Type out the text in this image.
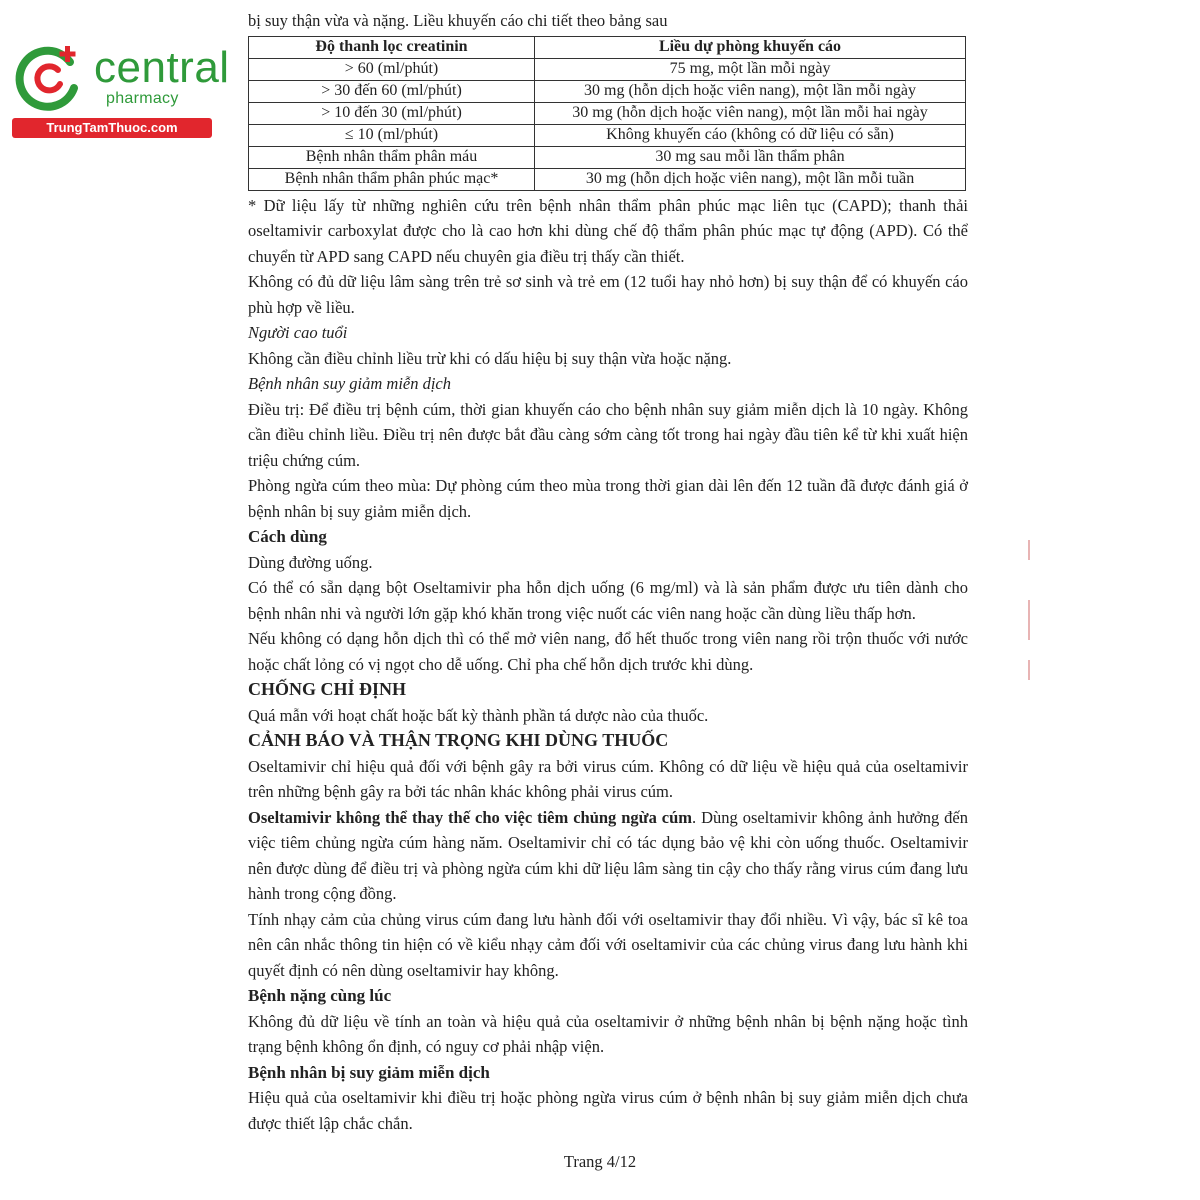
central
pharmacy
TrungTamThuoc.com

bị suy thận vừa và nặng. Liều khuyến cáo chi tiết theo bảng sau

Độ thanh lọc creatinin	Liều dự phòng khuyến cáo
> 60 (ml/phút)	75 mg, một lần mỗi ngày
> 30 đến 60 (ml/phút)	30 mg (hỗn dịch hoặc viên nang), một lần mỗi ngày
> 10 đến 30 (ml/phút)	30 mg (hỗn dịch hoặc viên nang), một lần mỗi hai ngày
≤ 10 (ml/phút)	Không khuyến cáo (không có dữ liệu có sẵn)
Bệnh nhân thẩm phân máu	30 mg sau mỗi lần thẩm phân
Bệnh nhân thẩm phân phúc mạc*	30 mg (hỗn dịch hoặc viên nang), một lần mỗi tuần

* Dữ liệu lấy từ những nghiên cứu trên bệnh nhân thẩm phân phúc mạc liên tục (CAPD); thanh thải oseltamivir carboxylat được cho là cao hơn khi dùng chế độ thẩm phân phúc mạc tự động (APD). Có thể chuyển từ APD sang CAPD nếu chuyên gia điều trị thấy cần thiết.

Không có đủ dữ liệu lâm sàng trên trẻ sơ sinh và trẻ em (12 tuổi hay nhỏ hơn) bị suy thận để có khuyến cáo phù hợp về liều.

Người cao tuổi

Không cần điều chỉnh liều trừ khi có dấu hiệu bị suy thận vừa hoặc nặng.

Bệnh nhân suy giảm miễn dịch

Điều trị: Để điều trị bệnh cúm, thời gian khuyến cáo cho bệnh nhân suy giảm miễn dịch là 10 ngày. Không cần điều chỉnh liều. Điều trị nên được bắt đầu càng sớm càng tốt trong hai ngày đầu tiên kể từ khi xuất hiện triệu chứng cúm.

Phòng ngừa cúm theo mùa: Dự phòng cúm theo mùa trong thời gian dài lên đến 12 tuần đã được đánh giá ở bệnh nhân bị suy giảm miễn dịch.

Cách dùng

Dùng đường uống.

Có thể có sẵn dạng bột Oseltamivir pha hỗn dịch uống (6 mg/ml) và là sản phẩm được ưu tiên dành cho bệnh nhân nhi và người lớn gặp khó khăn trong việc nuốt các viên nang hoặc cần dùng liều thấp hơn.

Nếu không có dạng hỗn dịch thì có thể mở viên nang, đổ hết thuốc trong viên nang rồi trộn thuốc với nước hoặc chất lỏng có vị ngọt cho dễ uống. Chỉ pha chế hỗn dịch trước khi dùng.

CHỐNG CHỈ ĐỊNH

Quá mẫn với hoạt chất hoặc bất kỳ thành phần tá dược nào của thuốc.

CẢNH BÁO VÀ THẬN TRỌNG KHI DÙNG THUỐC

Oseltamivir chỉ hiệu quả đối với bệnh gây ra bởi virus cúm. Không có dữ liệu về hiệu quả của oseltamivir trên những bệnh gây ra bởi tác nhân khác không phải virus cúm.

Oseltamivir không thể thay thế cho việc tiêm chủng ngừa cúm. Dùng oseltamivir không ảnh hưởng đến việc tiêm chủng ngừa cúm hàng năm. Oseltamivir chỉ có tác dụng bảo vệ khi còn uống thuốc. Oseltamivir nên được dùng để điều trị và phòng ngừa cúm khi dữ liệu lâm sàng tin cậy cho thấy rằng virus cúm đang lưu hành trong cộng đồng.

Tính nhạy cảm của chủng virus cúm đang lưu hành đối với oseltamivir thay đổi nhiều. Vì vậy, bác sĩ kê toa nên cân nhắc thông tin hiện có về kiểu nhạy cảm đối với oseltamivir của các chủng virus đang lưu hành khi quyết định có nên dùng oseltamivir hay không.

Bệnh nặng cùng lúc

Không đủ dữ liệu về tính an toàn và hiệu quả của oseltamivir ở những bệnh nhân bị bệnh nặng hoặc tình trạng bệnh không ổn định, có nguy cơ phải nhập viện.

Bệnh nhân bị suy giảm miễn dịch

Hiệu quả của oseltamivir khi điều trị hoặc phòng ngừa virus cúm ở bệnh nhân bị suy giảm miễn dịch chưa được thiết lập chắc chắn.

Trang 4/12
